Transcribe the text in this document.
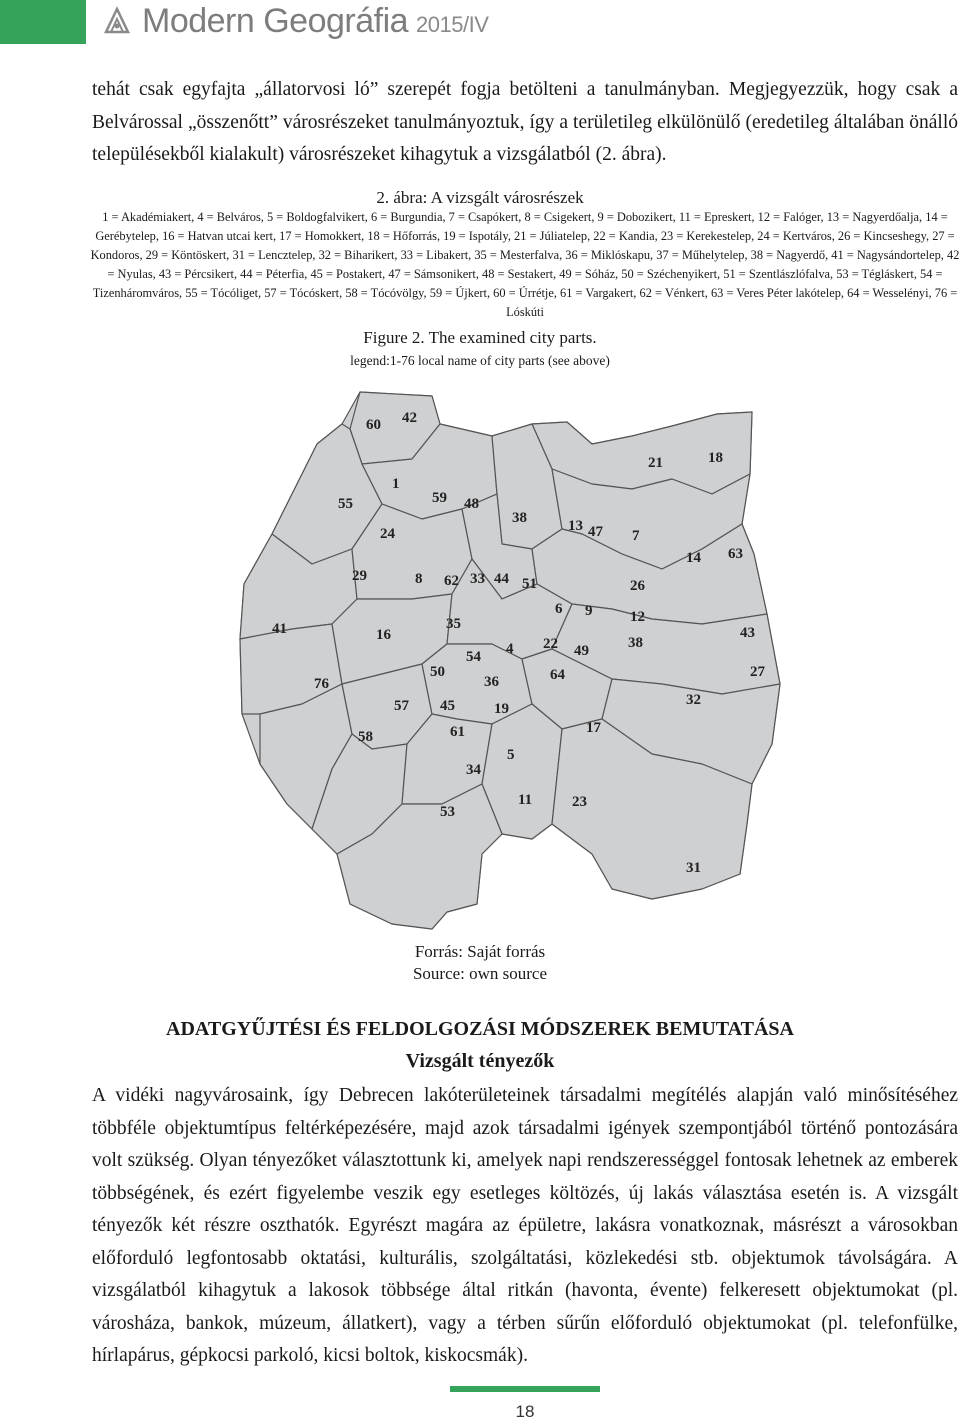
Modern Geográfia 2015/IV
tehát csak egyfajta „állatorvosi ló” szerepét fogja betölteni a tanulmányban. Megjegyezzük, hogy csak a Belvárossal „összenőtt” városrészeket tanulmányoztuk, így a területileg elkülönülő (eredetileg általában önálló településekből kialakult) városrészeket kihagytuk a vizsgálatból (2. ábra).
2. ábra: A vizsgált városrészek
1 = Akadémiakert, 4 = Belváros, 5 = Boldogfalvikert, 6 = Burgundia, 7 = Csapókert, 8 = Csigekert, 9 = Dobozikert, 11 = Epreskert, 12 = Falóger, 13 = Nagyerdőalja, 14 = Gerébytelep, 16 = Hatvan utcai kert, 17 = Homokkert, 18 = Hőforrás, 19 = Ispotály, 21 = Júliatelep, 22 = Kandia, 23 = Kerekestelep, 24 = Kertváros, 26 = Kincseshegy, 27 = Kondoros, 29 = Köntöskert, 31 = Lencztelep, 32 = Biharikert, 33 = Libakert, 35 = Mesterfalva, 36 = Miklóskapu, 37 = Műhelytelep, 38 = Nagyerdő, 41 = Nagysándortelep, 42 = Nyulas, 43 = Pércsikert, 44 = Péterfia, 45 = Postakert, 47 = Sámsonikert, 48 = Sestakert, 49 = Sóház, 50 = Széchenyikert, 51 = Szentlászlófalva, 53 = Tégláskert, 54 = Tizenháromváros, 55 = Tócóliget, 57 = Tócóskert, 58 = Tócóvölgy, 59 = Újkert, 60 = Úrrétje, 61 = Vargakert, 62 = Vénkert, 63 = Veres Péter lakótelep, 64 = Wesselényi, 76 = Lóskúti
Figure 2. The examined city parts.
legend:1-76 local name of city parts (see above)
60 42
21	18
1
55	59 48
38	13 47 7
24
14 63
29	8 62 33 44 51	26
6 9	12
41	16
35
38
43
4 22 49
54
64	27
76
50
36
57 45	19
32
17
58	61
5
34
11	23
53
31
Forrás: Saját forrás
Source: own source
ADATGYŰJTÉSI ÉS FELDOLGOZÁSI MÓDSZEREK BEMUTATÁSA
Vizsgált tényezők
A vidéki nagyvárosaink, így Debrecen lakóterületeinek társadalmi megítélés alapján való minősítéséhez többféle objektumtípus feltérképezésére, majd azok társadalmi igények szempontjából történő pontozására volt szükség. Olyan tényezőket választottunk ki, amelyek napi rendszerességgel fontosak lehetnek az emberek többségének, és ezért figyelembe veszik egy esetleges költözés, új lakás választása esetén is. A vizsgált tényezők két részre oszthatók. Egyrészt magára az épületre, lakásra vonatkoznak, másrészt a városokban előforduló legfontosabb oktatási, kulturális, szolgáltatási, közlekedési stb. objektumok távolságára. A vizsgálatból kihagytuk a lakosok többsége által ritkán (havonta, évente) felkeresett objektumokat (pl. városháza, bankok, múzeum, állatkert), vagy a térben sűrűn előforduló objektumokat (pl. telefonfülke, hírlapárus, gépkocsi parkoló, kicsi boltok, kiskocsmák).
18
